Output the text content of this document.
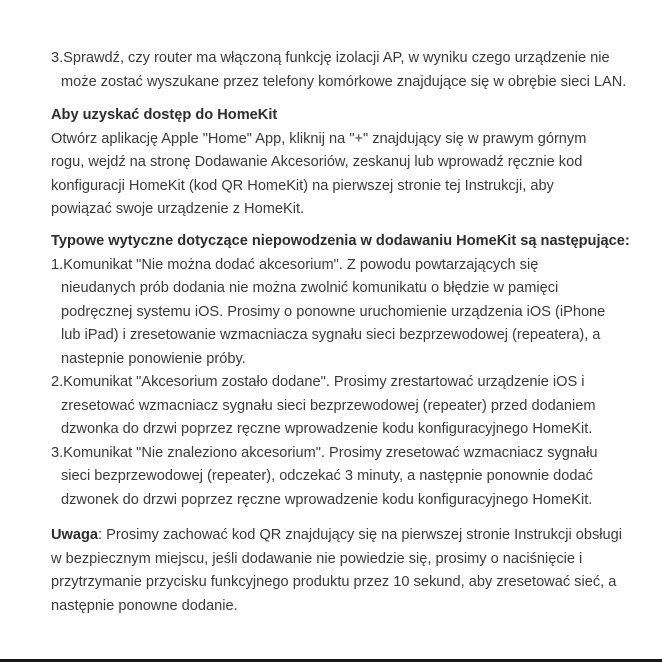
3.Sprawdź, czy router ma włączoną funkcję izolacji AP, w wyniku czego urządzenie nie
może zostać wyszukane przez telefony komórkowe znajdujące się w obrębie sieci LAN.
Aby uzyskać dostęp do HomeKit
Otwórz aplikację Apple "Home" App, kliknij na "+" znajdujący się w prawym górnym
rogu, wejdź na stronę Dodawanie Akcesoriów, zeskanuj lub wprowadź ręcznie kod
konfiguracji HomeKit (kod QR HomeKit) na pierwszej stronie tej Instrukcji, aby
powiązać swoje urządzenie z HomeKit.
Typowe wytyczne dotyczące niepowodzenia w dodawaniu HomeKit są następujące:
1.Komunikat "Nie można dodać akcesorium". Z powodu powtarzających się
nieudanych prób dodania nie można zwolnić komunikatu o błędzie w pamięci
podręcznej systemu iOS. Prosimy o ponowne uruchomienie urządzenia iOS (iPhone
lub iPad) i zresetowanie wzmacniacza sygnału sieci bezprzewodowej (repeatera), a
nastepnie ponowienie próby.
2.Komunikat "Akcesorium zostało dodane". Prosimy zrestartować urządzenie iOS i
zresetować wzmacniacz sygnału sieci bezprzewodowej (repeater) przed dodaniem
dzwonka do drzwi poprzez ręczne wprowadzenie kodu konfiguracyjnego HomeKit.
3.Komunikat "Nie znaleziono akcesorium". Prosimy zresetować wzmacniacz sygnału
sieci bezprzewodowej (repeater), odczekać 3 minuty, a następnie ponownie dodać
dzwonek do drzwi poprzez ręczne wprowadzenie kodu konfiguracyjnego HomeKit.
Uwaga: Prosimy zachować kod QR znajdujący się na pierwszej stronie Instrukcji obsługi
w bezpiecznym miejscu, jeśli dodawanie nie powiedzie się, prosimy o naciśnięcie i
przytrzymanie przycisku funkcyjnego produktu przez 10 sekund, aby zresetować sieć, a
następnie ponowne dodanie.
